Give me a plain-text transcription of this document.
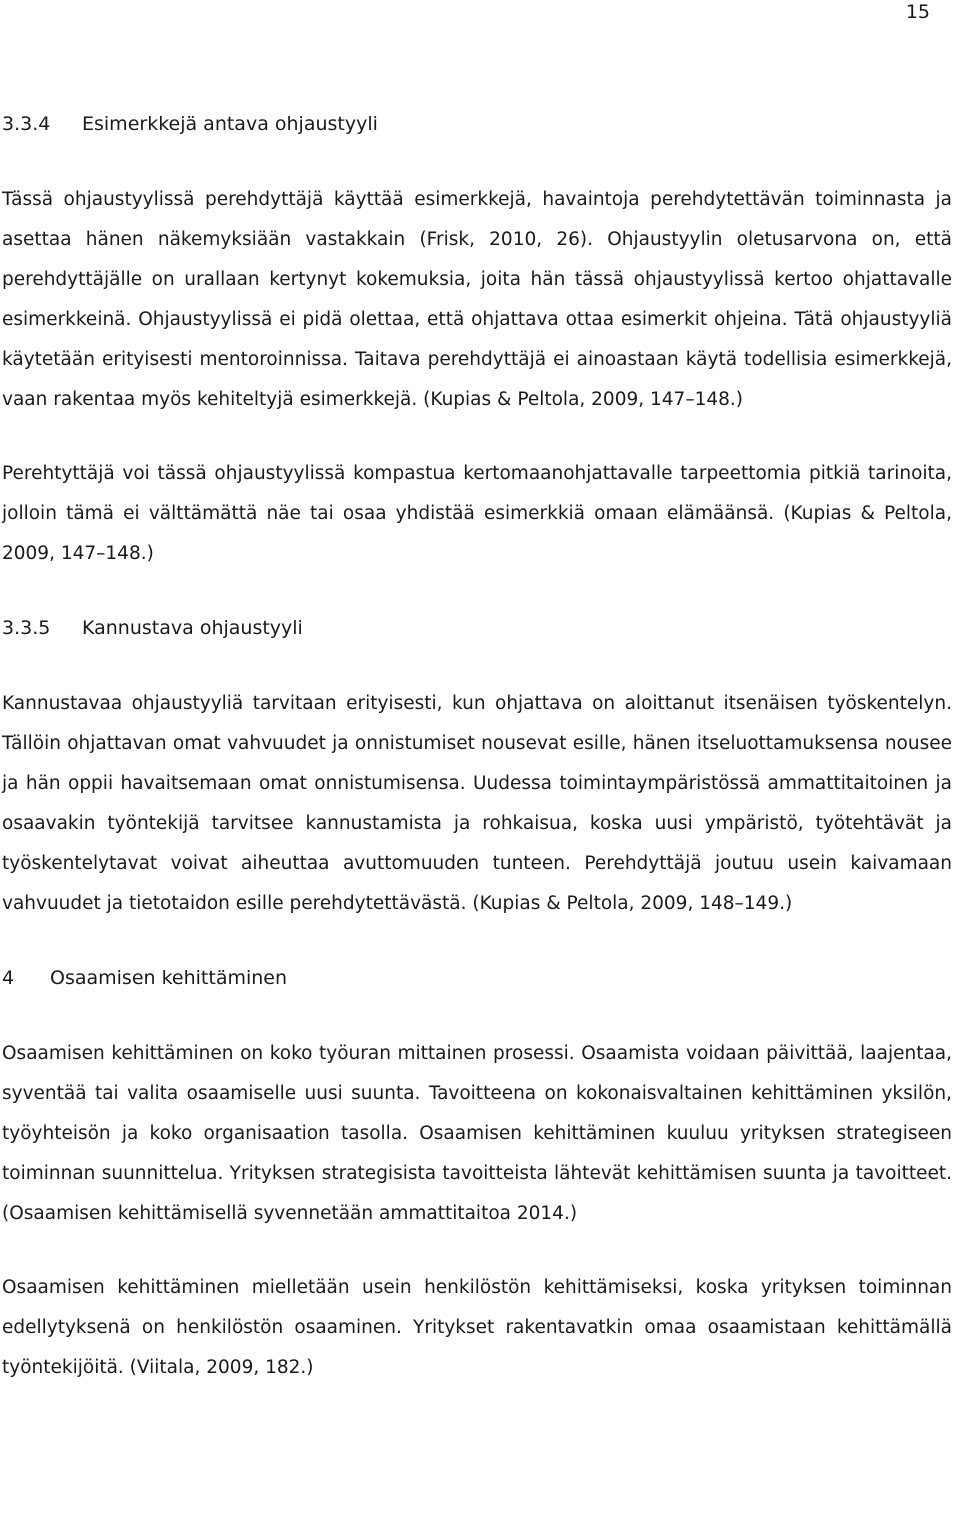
15
3.3.4 Esimerkkejä antava ohjaustyyli

Tässä ohjaustyylissä perehdyttäjä käyttää esimerkkejä, havaintoja perehdytettävän toiminnasta ja asettaa hänen näkemyksiään vastakkain (Frisk, 2010, 26). Ohjaustyylin oletusarvona on, että perehdyttäjälle on urallaan kertynyt kokemuksia, joita hän tässä ohjaustyylissä kertoo ohjattavalle esimerkkeinä. Ohjaustyylissä ei pidä olettaa, että ohjattava ottaa esimerkit ohjeina. Tätä ohjaustyyliä käytetään erityisesti mentoroinnissa. Taitava perehdyttäjä ei ainoastaan käytä todellisia esimerkkejä, vaan rakentaa myös kehiteltyjä esimerkkejä. (Kupias & Peltola, 2009, 147–148.)

Perehtyttäjä voi tässä ohjaustyylissä kompastua kertomaanohjattavalle tarpeettomia pitkiä tarinoita, jolloin tämä ei välttämättä näe tai osaa yhdistää esimerkkiä omaan elämäänsä. (Kupias & Peltola, 2009, 147–148.)

3.3.5 Kannustava ohjaustyyli

Kannustavaa ohjaustyyliä tarvitaan erityisesti, kun ohjattava on aloittanut itsenäisen työskentelyn. Tällöin ohjattavan omat vahvuudet ja onnistumiset nousevat esille, hänen itseluottamuksensa nousee ja hän oppii havaitsemaan omat onnistumisensa. Uudessa toimintaympäristössä ammattitaitoinen ja osaavakin työntekijä tarvitsee kannustamista ja rohkaisua, koska uusi ympäristö, työtehtävät ja työskentelytavat voivat aiheuttaa avuttomuuden tunteen. Perehdyttäjä joutuu usein kaivamaan vahvuudet ja tietotaidon esille perehdytettävästä. (Kupias & Peltola, 2009, 148–149.)

4 Osaamisen kehittäminen

Osaamisen kehittäminen on koko työuran mittainen prosessi. Osaamista voidaan päivittää, laajentaa, syventää tai valita osaamiselle uusi suunta. Tavoitteena on kokonaisvaltainen kehittäminen yksilön, työyhteisön ja koko organisaation tasolla. Osaamisen kehittäminen kuuluu yrityksen strategiseen toiminnan suunnittelua. Yrityksen strategisista tavoitteista lähtevät kehittämisen suunta ja tavoitteet. (Osaamisen kehittämisellä syvennetään ammattitaitoa 2014.)

Osaamisen kehittäminen mielletään usein henkilöstön kehittämiseksi, koska yrityksen toiminnan edellytyksenä on henkilöstön osaaminen. Yritykset rakentavatkin omaa osaamistaan kehittämällä työntekijöitä. (Viitala, 2009, 182.)
